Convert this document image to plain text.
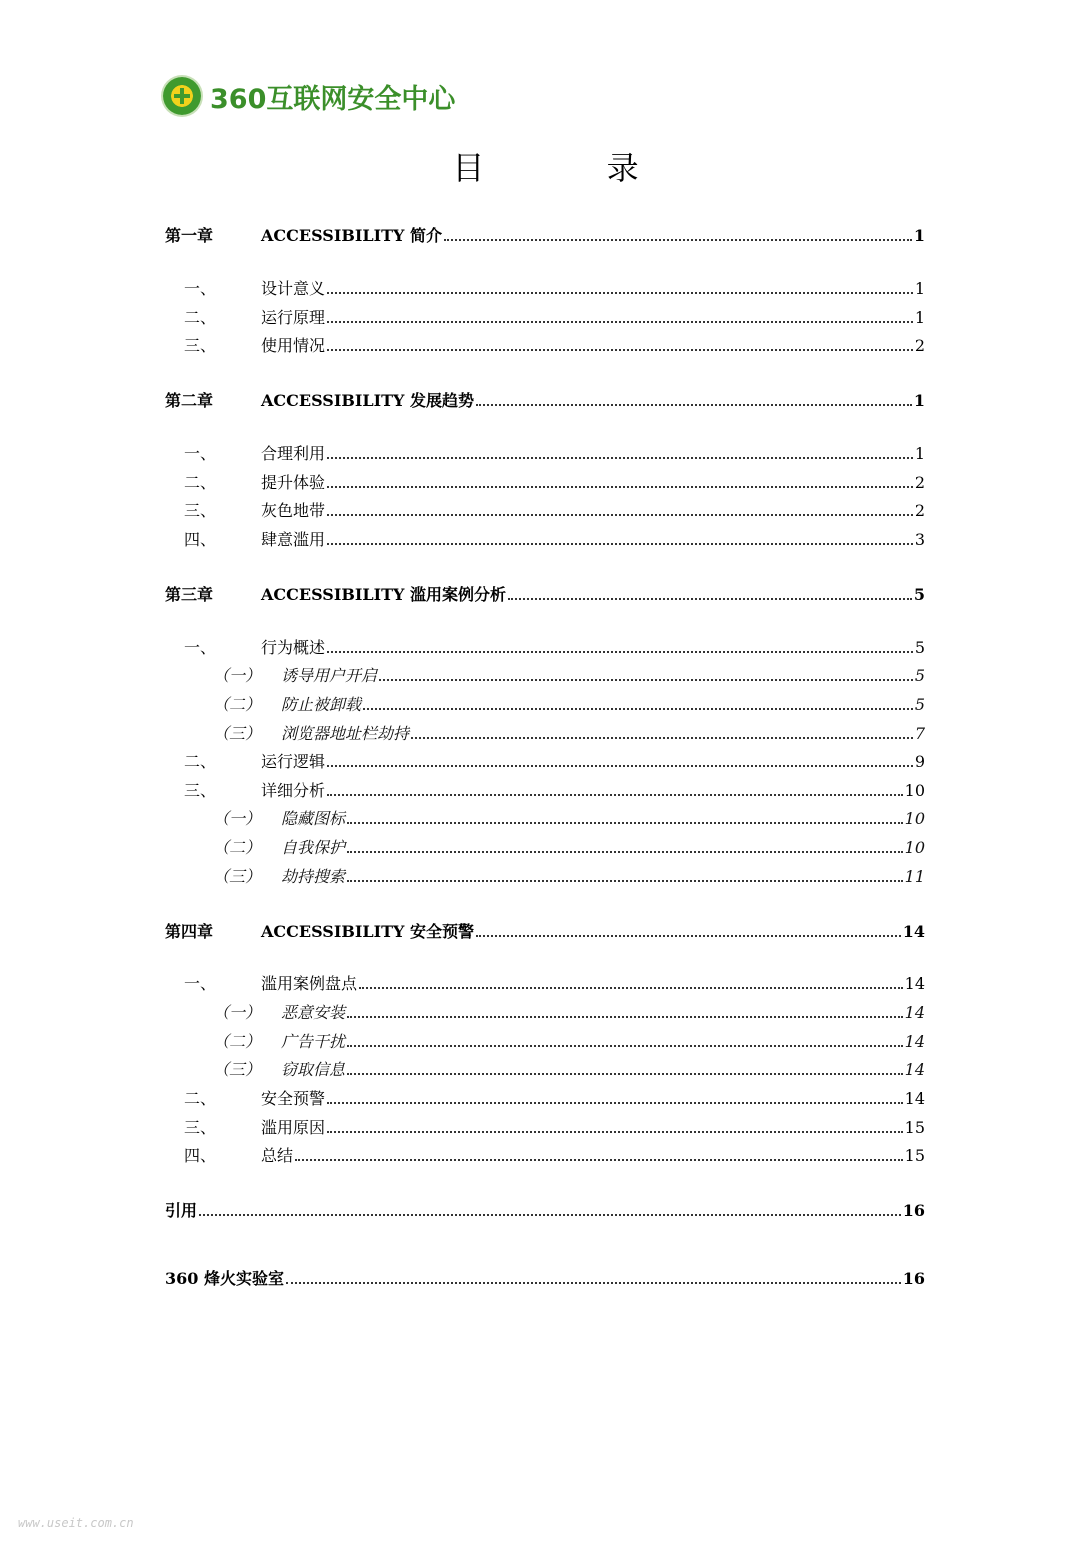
360互联网安全中心
目 录
第一章	ACCESSIBILITY 简介	1
一、	设计意义	1
二、	运行原理	1
三、	使用情况	2
第二章	ACCESSIBILITY 发展趋势	1
一、	合理利用	1
二、	提升体验	2
三、	灰色地带	2
四、	肆意滥用	3
第三章	ACCESSIBILITY 滥用案例分析	5
一、	行为概述	5
（一）	诱导用户开启	5
（二）	防止被卸载	5
（三）	浏览器地址栏劫持	7
二、	运行逻辑	9
三、	详细分析	10
（一）	隐藏图标	10
（二）	自我保护	10
（三）	劫持搜索	11
第四章	ACCESSIBILITY 安全预警	14
一、	滥用案例盘点	14
（一）	恶意安装	14
（二）	广告干扰	14
（三）	窃取信息	14
二、	安全预警	14
三、	滥用原因	15
四、	总结	15
引用	16
360 烽火实验室	16
www.useit.com.cn
